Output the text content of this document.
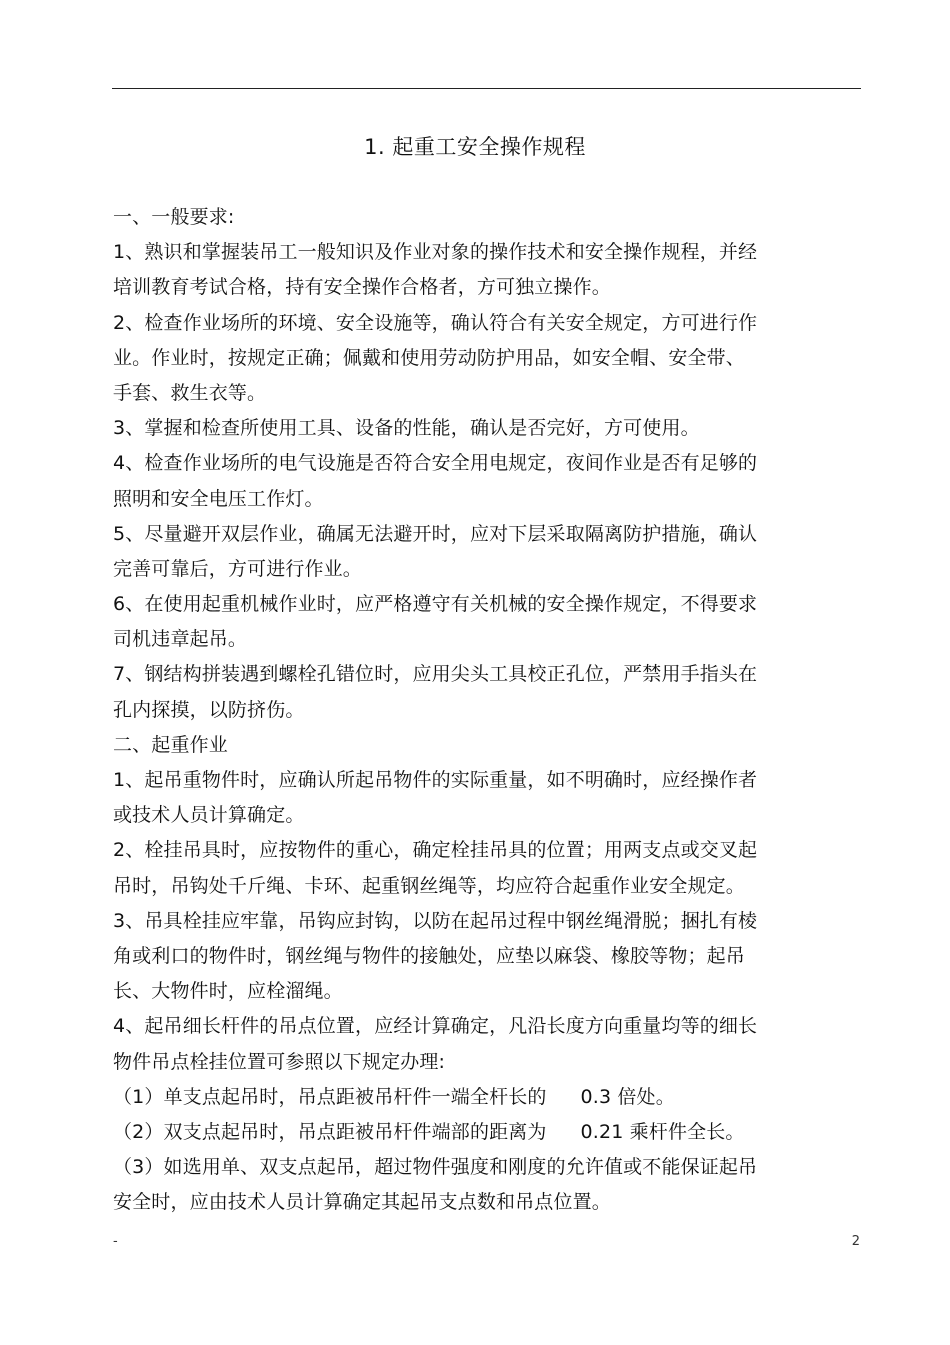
1. 起重工安全操作规程
一、一般要求:
1、熟识和掌握装吊工一般知识及作业对象的操作技术和安全操作规程，并经
培训教育考试合格，持有安全操作合格者，方可独立操作。
2、检查作业场所的环境、安全设施等，确认符合有关安全规定，方可进行作
业。作业时，按规定正确；佩戴和使用劳动防护用品，如安全帽、安全带、
手套、救生衣等。
3、掌握和检查所使用工具、设备的性能，确认是否完好，方可使用。
4、检查作业场所的电气设施是否符合安全用电规定，夜间作业是否有足够的
照明和安全电压工作灯。
5、尽量避开双层作业，确属无法避开时，应对下层采取隔离防护措施，确认
完善可靠后，方可进行作业。
6、在使用起重机械作业时，应严格遵守有关机械的安全操作规定，不得要求
司机违章起吊。
7、钢结构拼装遇到螺栓孔错位时，应用尖头工具校正孔位，严禁用手指头在
孔内探摸，以防挤伤。
二、起重作业
1、起吊重物件时，应确认所起吊物件的实际重量，如不明确时，应经操作者
或技术人员计算确定。
2、栓挂吊具时，应按物件的重心，确定栓挂吊具的位置；用两支点或交叉起
吊时，吊钩处千斤绳、卡环、起重钢丝绳等，均应符合起重作业安全规定。
3、吊具栓挂应牢靠，吊钩应封钩，以防在起吊过程中钢丝绳滑脱；捆扎有棱
角或利口的物件时，钢丝绳与物件的接触处，应垫以麻袋、橡胶等物；起吊
长、大物件时，应栓溜绳。
4、起吊细长杆件的吊点位置，应经计算确定，凡沿长度方向重量均等的细长
物件吊点栓挂位置可参照以下规定办理:
（1）单支点起吊时，吊点距被吊杆件一端全杆长的 0.3 倍处。
（2）双支点起吊时，吊点距被吊杆件端部的距离为 0.21 乘杆件全长。
（3）如选用单、双支点起吊，超过物件强度和刚度的允许值或不能保证起吊
安全时，应由技术人员计算确定其起吊支点数和吊点位置。
-	2
